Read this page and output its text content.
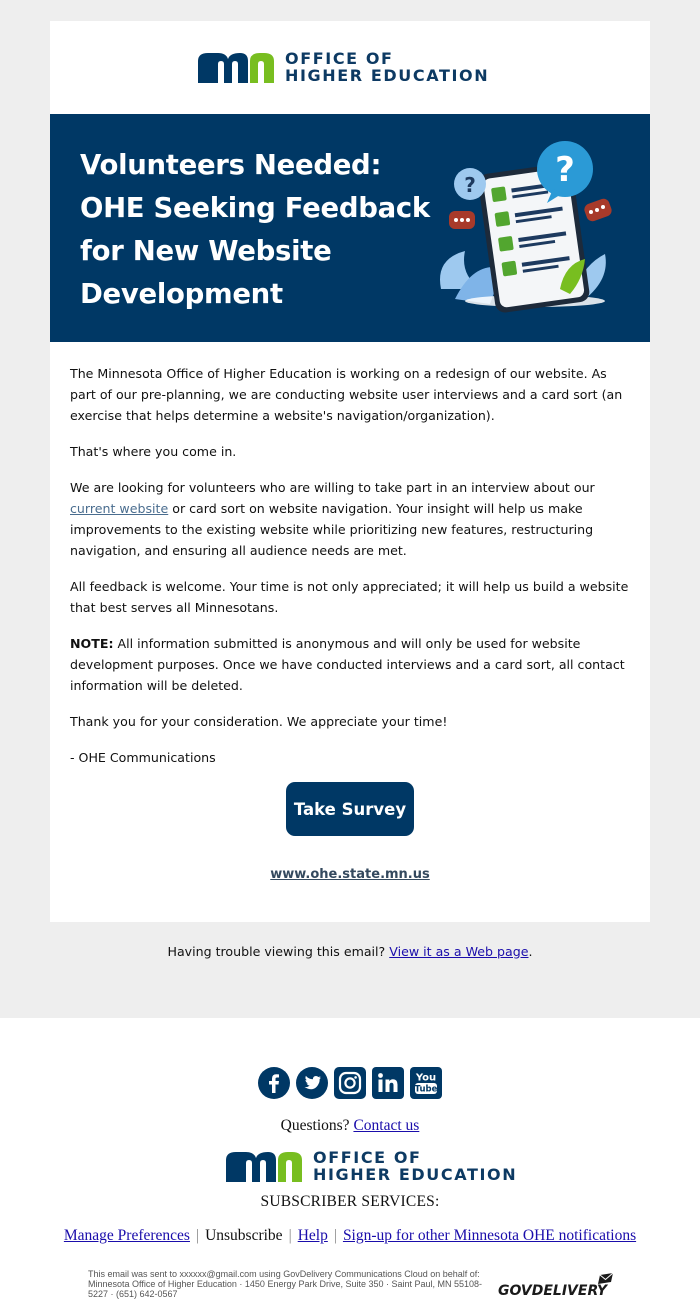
OFFICE OF
HIGHER EDUCATION
Volunteers Needed:
OHE Seeking Feedback
for New Website
Development
?
?

The Minnesota Office of Higher Education is working on a redesign of our website. As part of our pre-planning, we are conducting website user interviews and a card sort (an exercise that helps determine a website's navigation/organization).

That's where you come in.

We are looking for volunteers who are willing to take part in an interview about our current website or card sort on website navigation. Your insight will help us make improvements to the existing website while prioritizing new features, restructuring navigation, and ensuring all audience needs are met.

All feedback is welcome. Your time is not only appreciated; it will help us build a website that best serves all Minnesotans.

NOTE: All information submitted is anonymous and will only be used for website development purposes. Once we have conducted interviews and a card sort, all contact information will be deleted.

Thank you for your consideration. We appreciate your time!

- OHE Communications

Take Survey
www.ohe.state.mn.us
Having trouble viewing this email? View it as a Web page.
You
Tube
Questions? Contact us
OFFICE OF
HIGHER EDUCATION
SUBSCRIBER SERVICES:
Manage Preferences | Unsubscribe | Help | Sign-up for other Minnesota OHE notifications
This email was sent to xxxxxx@gmail.com using GovDelivery Communications Cloud on behalf of: Minnesota Office of Higher Education · 1450 Energy Park Drive, Suite 350 · Saint Paul, MN 55108-5227 · (651) 642-0567	GOVDELIVERY
